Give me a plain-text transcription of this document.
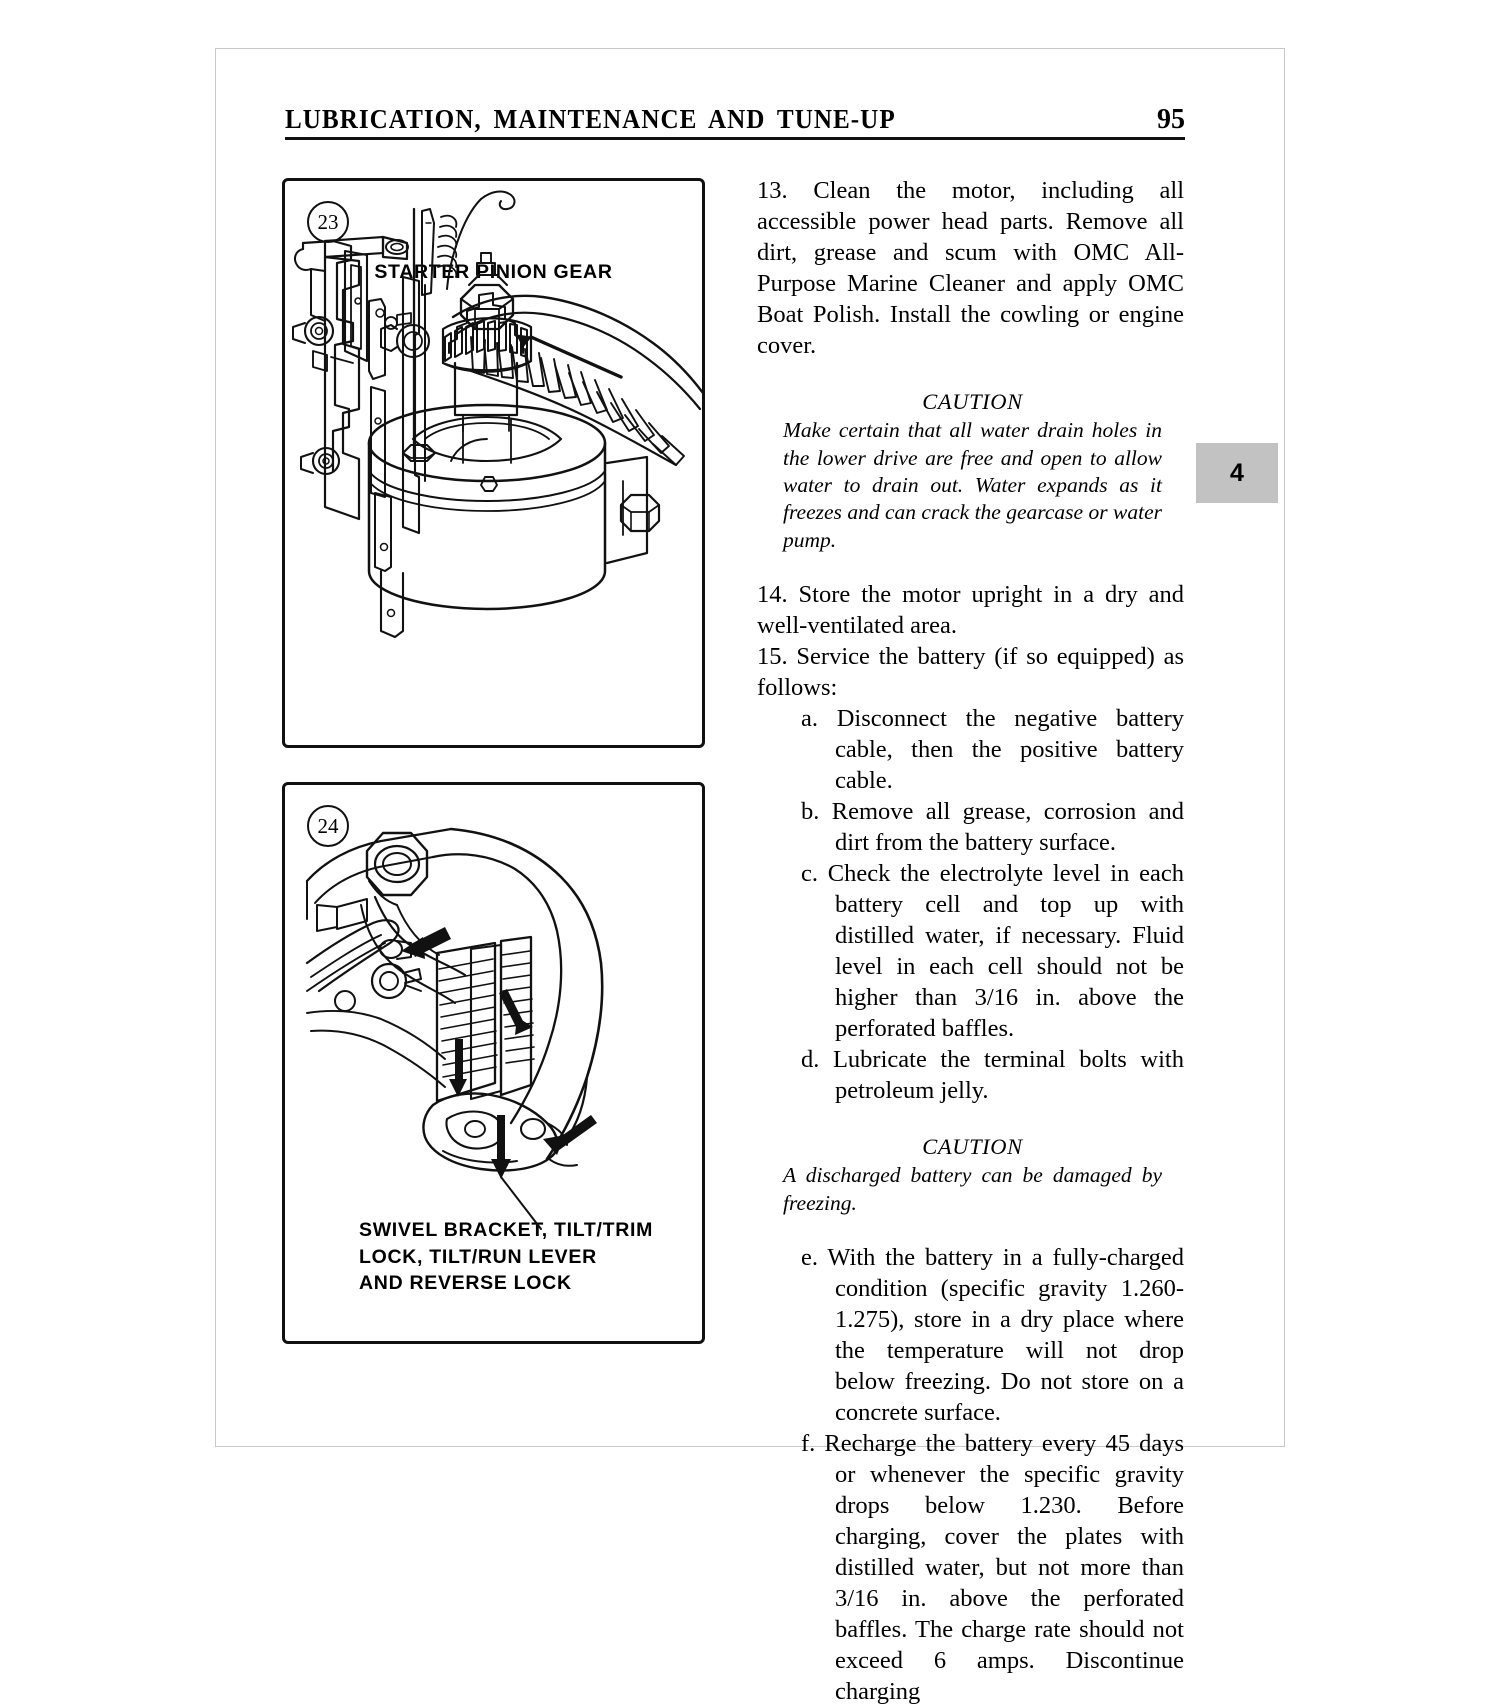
LUBRICATION, MAINTENANCE AND TUNE-UP	95
4
23
STARTER PINION GEAR
24
SWIVEL BRACKET, TILT/TRIM
LOCK, TILT/RUN LEVER
AND REVERSE LOCK

13. Clean the motor, including all accessible power head parts. Remove all dirt, grease and scum with OMC All-Purpose Marine Cleaner and apply OMC Boat Polish. Install the cowling or engine cover.

CAUTION
Make certain that all water drain holes in the lower drive are free and open to allow water to drain out. Water expands as it freezes and can crack the gearcase or water pump.

14. Store the motor upright in a dry and well-ventilated area.

15. Service the battery (if so equipped) as follows:

a. Disconnect the negative battery cable, then the positive battery cable.

b. Remove all grease, corrosion and dirt from the battery surface.

c. Check the electrolyte level in each battery cell and top up with distilled water, if necessary. Fluid level in each cell should not be higher than 3/16 in. above the perforated baffles.

d. Lubricate the terminal bolts with petroleum jelly.

CAUTION
A discharged battery can be damaged by freezing.

e. With the battery in a fully-charged condition (specific gravity 1.260-1.275), store in a dry place where the temperature will not drop below freezing. Do not store on a concrete surface.

f. Recharge the battery every 45 days or whenever the specific gravity drops below 1.230. Before charging, cover the plates with distilled water, but not more than 3/16 in. above the perforated baffles. The charge rate should not exceed 6 amps. Discontinue charging
